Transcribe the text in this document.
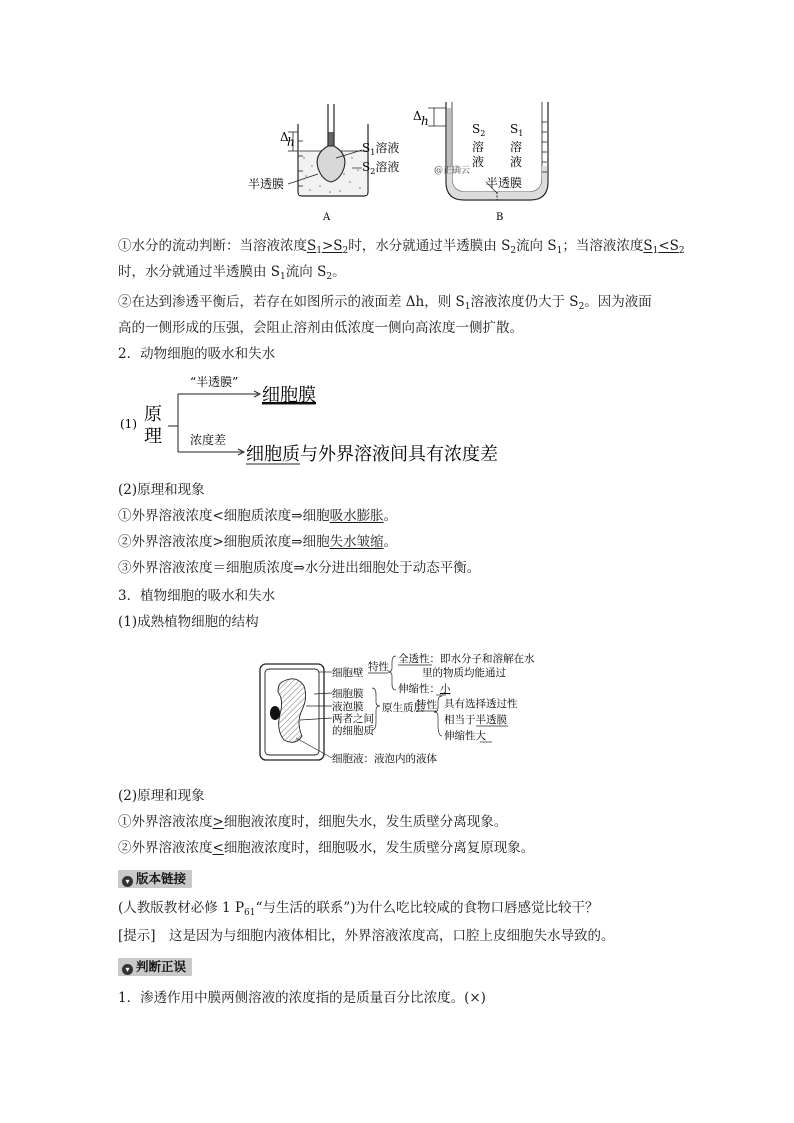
Δ
h	$S_1$溶液
$S_2$溶液
半透膜
A
Δ h
$S_2$ $S_1$
溶 溶
液 液
@正确云
半透膜
B
①水分的流动判断：当溶液浓度$S_1>S_2$时，水分就通过半透膜由 $S_2$流向 $S_1$；当溶液浓度$S_1<S_2$
时，水分就通过半透膜由 $S_1$流向 $S_2$。
②在达到渗透平衡后，若存在如图所示的液面差 Δh，则 $S_1$溶液浓度仍大于 $S_2$。因为液面
高的一侧形成的压强，会阻止溶剂由低浓度一侧向高浓度一侧扩散。
2．动物细胞的吸水和失水
(1) 原
理
“半透膜”
浓度差
细胞膜
细胞质与外界溶液间具有浓度差
(2)原理和现象
①外界溶液浓度<细胞质浓度⇒细胞吸水膨胀。
②外界溶液浓度>细胞质浓度⇒细胞失水皱缩。
③外界溶液浓度＝细胞质浓度⇒水分进出细胞处于动态平衡。
3．植物细胞的吸水和失水
(1)成熟植物细胞的结构
细胞壁 特性
全透性：即水分子和溶解在水
里的物质均能通过
伸缩性：小
细胞膜
液泡膜
两者之间
的细胞质
原生质层
特性 具有选择透过性
相当于半透膜
伸缩性大
细胞液：液泡内的液体
(2)原理和现象
①外界溶液浓度>细胞液浓度时，细胞失水，发生质壁分离现象。
②外界溶液浓度<细胞液浓度时，细胞吸水，发生质壁分离复原现象。
▾ 版本链接
(人教版教材必修 1 $P_{61}“$与生活的联系”)为什么吃比较咸的食物口唇感觉比较干？
[提示]　这是因为与细胞内液体相比，外界溶液浓度高，口腔上皮细胞失水导致的。
▾ 判断正误
1．渗透作用中膜两侧溶液的浓度指的是质量百分比浓度。(×)
